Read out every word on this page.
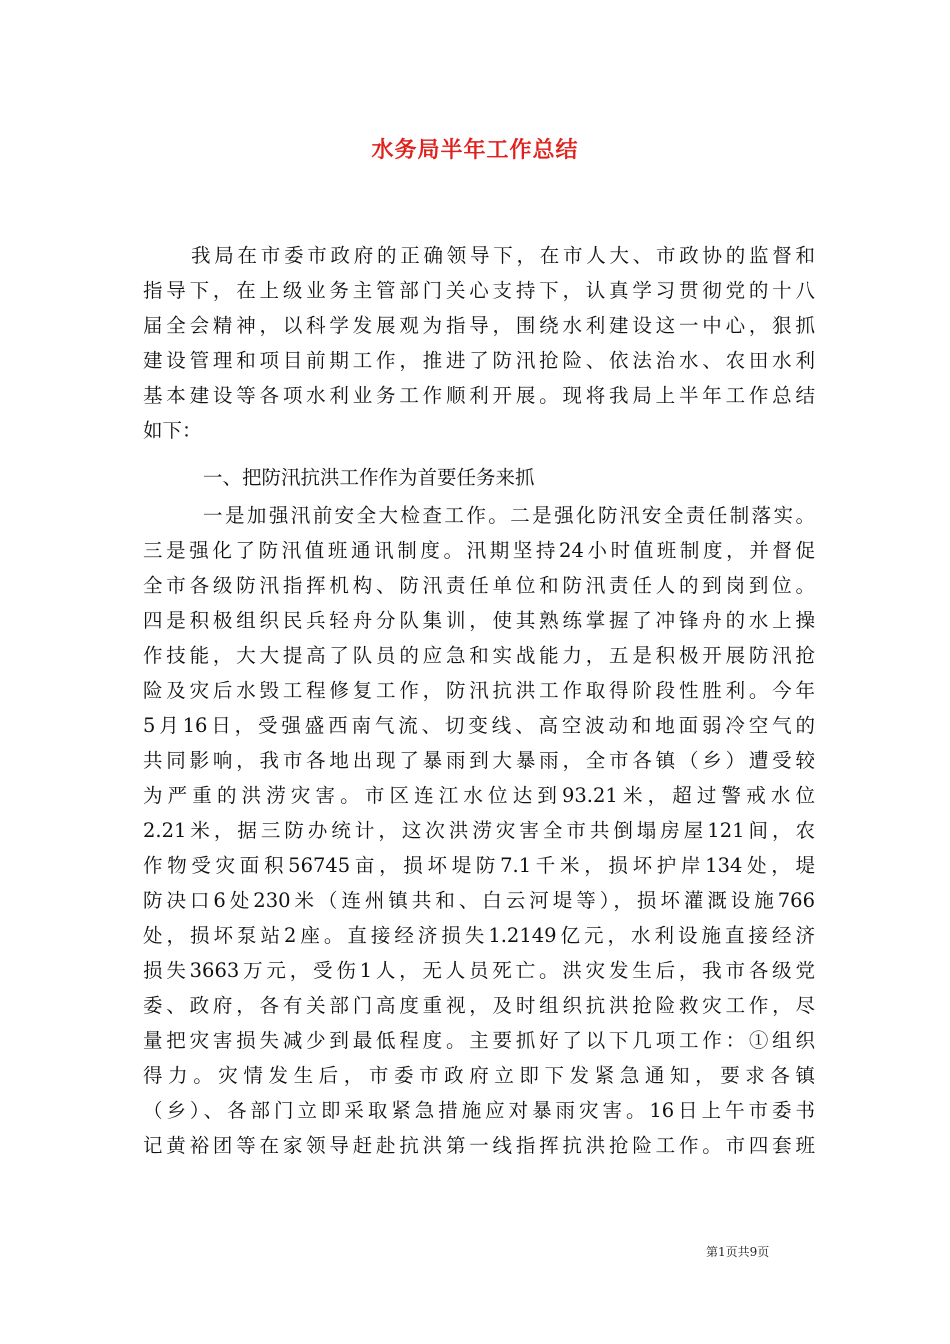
水务局半年工作总结
我局在市委市政府的正确领导下，在市人大、市政协的监督和
指导下，在上级业务主管部门关心支持下，认真学习贯彻党的十八
届全会精神，以科学发展观为指导，围绕水利建设这一中心，狠抓
建设管理和项目前期工作，推进了防汛抢险、依法治水、农田水利
基本建设等各项水利业务工作顺利开展。现将我局上半年工作总结
如下：
一、把防汛抗洪工作作为首要任务来抓
一是加强汛前安全大检查工作。二是强化防汛安全责任制落实。
三是强化了防汛值班通讯制度。汛期坚持24小时值班制度，并督促
全市各级防汛指挥机构、防汛责任单位和防汛责任人的到岗到位。
四是积极组织民兵轻舟分队集训，使其熟练掌握了冲锋舟的水上操
作技能，大大提高了队员的应急和实战能力，五是积极开展防汛抢
险及灾后水毁工程修复工作，防汛抗洪工作取得阶段性胜利。今年
5月16日，受强盛西南气流、切变线、高空波动和地面弱冷空气的
共同影响，我市各地出现了暴雨到大暴雨，全市各镇（乡）遭受较
为严重的洪涝灾害。市区连江水位达到93.21米，超过警戒水位
2.21米，据三防办统计，这次洪涝灾害全市共倒塌房屋121间，农
作物受灾面积56745亩，损坏堤防7.1千米，损坏护岸134处，堤
防决口6处230米（连州镇共和、白云河堤等），损坏灌溉设施766
处，损坏泵站2座。直接经济损失1.2149亿元，水利设施直接经济
损失3663万元，受伤1人，无人员死亡。洪灾发生后，我市各级党
委、政府，各有关部门高度重视，及时组织抗洪抢险救灾工作，尽
量把灾害损失减少到最低程度。主要抓好了以下几项工作：①组织
得力。灾情发生后，市委市政府立即下发紧急通知，要求各镇
（乡）、各部门立即采取紧急措施应对暴雨灾害。16日上午市委书
记黄裕团等在家领导赶赴抗洪第一线指挥抗洪抢险工作。市四套班
第1页共9页
